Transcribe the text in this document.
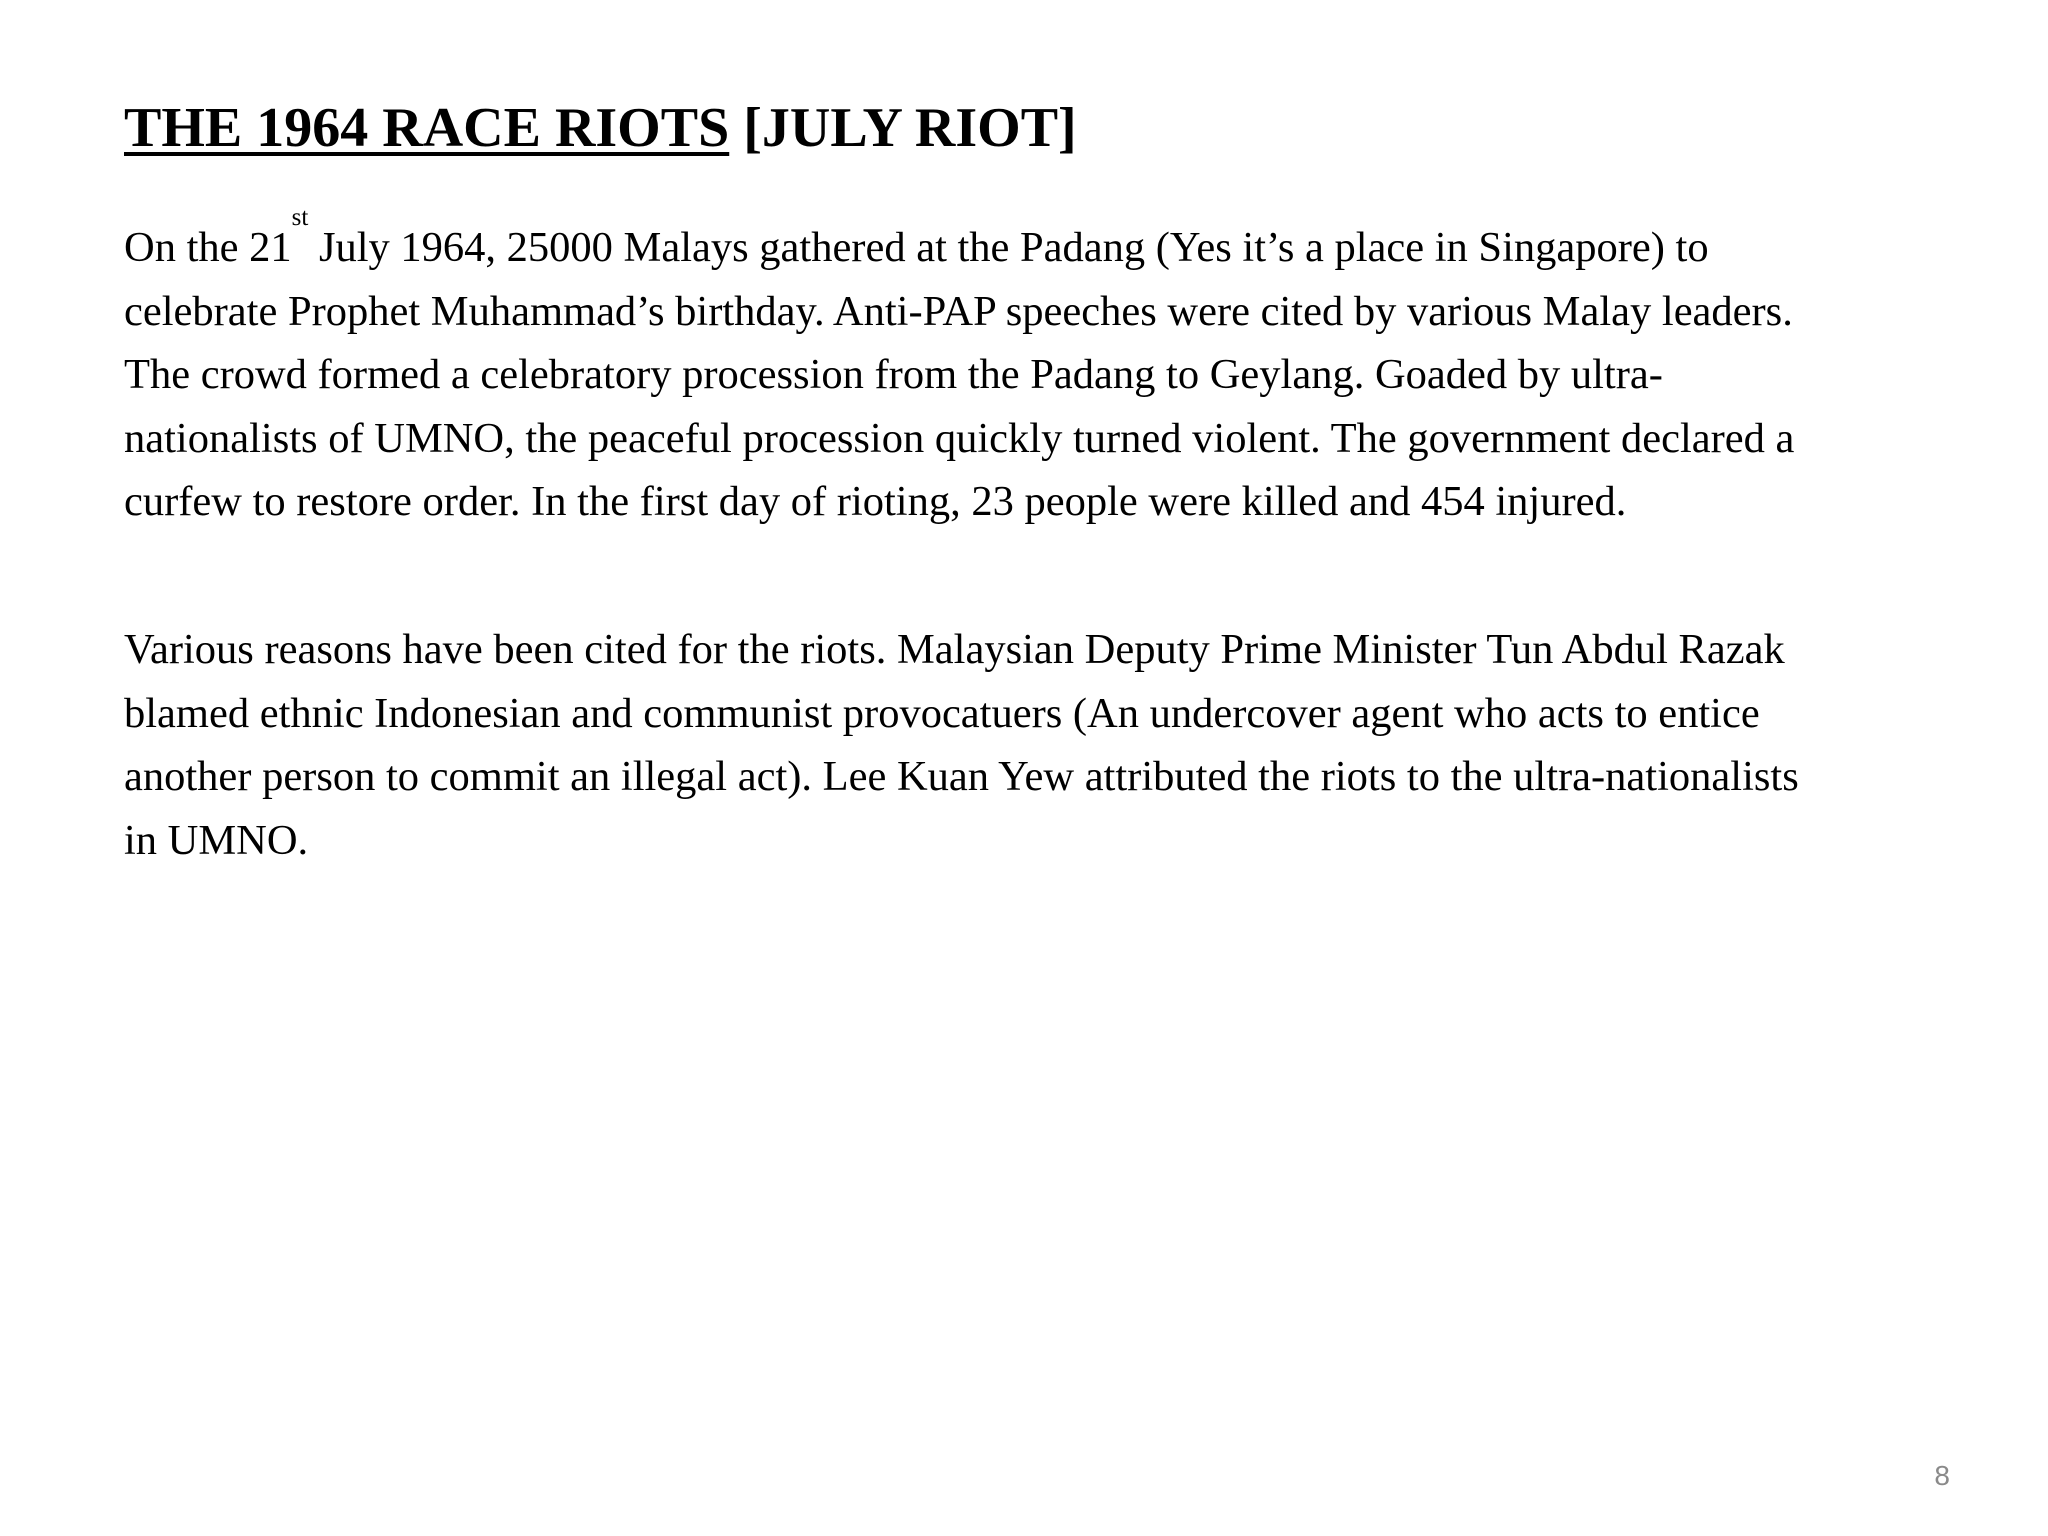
THE 1964 RACE RIOTS [JULY RIOT]

On the 21st July 1964, 25000 Malays gathered at the Padang (Yes it’s a place in Singapore) to
celebrate Prophet Muhammad’s birthday. Anti-PAP speeches were cited by various Malay leaders.
The crowd formed a celebratory procession from the Padang to Geylang. Goaded by ultra-
nationalists of UMNO, the peaceful procession quickly turned violent. The government declared a
curfew to restore order. In the first day of rioting, 23 people were killed and 454 injured.

Various reasons have been cited for the riots. Malaysian Deputy Prime Minister Tun Abdul Razak
blamed ethnic Indonesian and communist provocatuers (An undercover agent who acts to entice
another person to commit an illegal act). Lee Kuan Yew attributed the riots to the ultra-nationalists
in UMNO.

8
